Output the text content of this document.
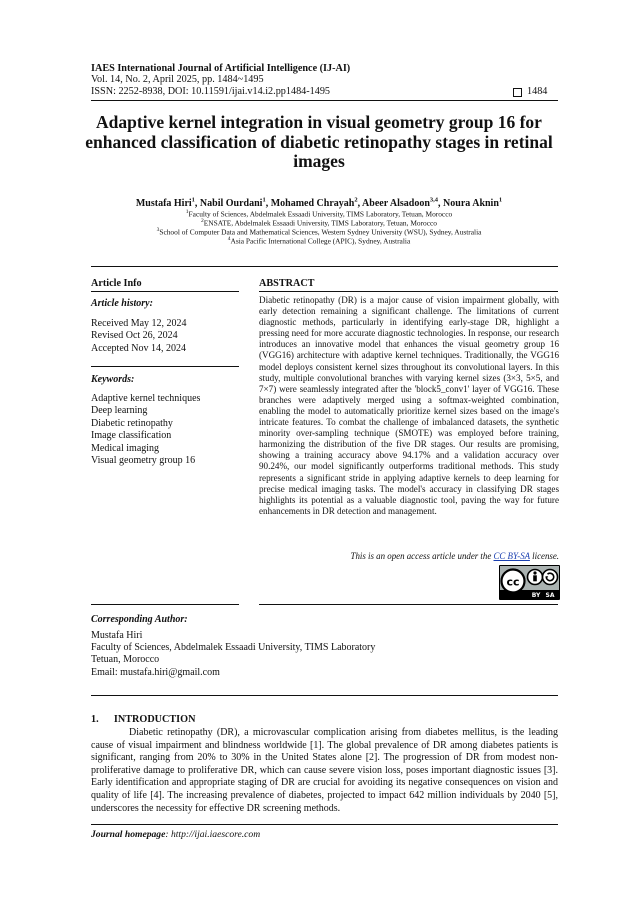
IAES International Journal of Artificial Intelligence (IJ-AI)
Vol. 14, No. 2, April 2025, pp. 1484~1495
ISSN: 2252-8938, DOI: 10.11591/ijai.v14.i2.pp1484-1495	1484
Adaptive kernel integration in visual geometry group 16 for enhanced classification of diabetic retinopathy stages in retinal images
Mustafa Hiri$^1$, Nabil Ourdani$^1$, Mohamed Chrayah$^2$, Abeer Alsadoon$^{3,4}$, Noura Aknin$^1$
$^1$Faculty of Sciences, Abdelmalek Essaadi University, TIMS Laboratory, Tetuan, Morocco
$^2$ENSATE, Abdelmalek Essaadi University, TIMS Laboratory, Tetuan, Morocco
$^3$School of Computer Data and Mathematical Sciences, Western Sydney University (WSU), Sydney, Australia
$^4$Asia Pacific International College (APIC), Sydney, Australia
Article Info	ABSTRACT
Article history:
Received May 12, 2024
Revised Oct 26, 2024
Accepted Nov 14, 2024
Keywords:
Adaptive kernel techniques
Deep learning
Diabetic retinopathy
Image classification
Medical imaging
Visual geometry group 16
Diabetic retinopathy (DR) is a major cause of vision impairment globally, with early detection remaining a significant challenge. The limitations of current diagnostic methods, particularly in identifying early-stage DR, highlight a pressing need for more accurate diagnostic technologies. In response, our research introduces an innovative model that enhances the visual geometry group 16 (VGG16) architecture with adaptive kernel techniques. Traditionally, the VGG16 model deploys consistent kernel sizes throughout its convolutional layers. In this study, multiple convolutional branches with varying kernel sizes (3×3, 5×5, and 7×7) were seamlessly integrated after the 'block5_conv1' layer of VGG16. These branches were adaptively merged using a softmax-weighted combination, enabling the model to automatically prioritize kernel sizes based on the image's intricate features. To combat the challenge of imbalanced datasets, the synthetic minority over-sampling technique (SMOTE) was employed before training, harmonizing the distribution of the five DR stages. Our results are promising, showing a training accuracy above 94.17% and a validation accuracy over 90.24%, our model significantly outperforms traditional methods. This study represents a significant stride in applying adaptive kernels to deep learning for precise medical imaging tasks. The model's accuracy in classifying DR stages highlights its potential as a valuable diagnostic tool, paving the way for future enhancements in DR detection and management.
This is an open access article under the CC BY-SA license.
cc
BY SA
Corresponding Author:
Mustafa Hiri
Faculty of Sciences, Abdelmalek Essaadi University, TIMS Laboratory
Tetuan, Morocco
Email: mustafa.hiri@gmail.com
1.      INTRODUCTION
Diabetic retinopathy (DR), a microvascular complication arising from diabetes mellitus, is the leading cause of visual impairment and blindness worldwide [1]. The global prevalence of DR among diabetes patients is significant, ranging from 20% to 30% in the United States alone [2]. The progression of DR from modest non-proliferative damage to proliferative DR, which can cause severe vision loss, poses important diagnostic issues [3]. Early identification and appropriate staging of DR are crucial for avoiding its negative consequences on vision and quality of life [4]. The increasing prevalence of diabetes, projected to impact 642 million individuals by 2040 [5], underscores the necessity for effective DR screening methods.
Journal homepage: http://ijai.iaescore.com
